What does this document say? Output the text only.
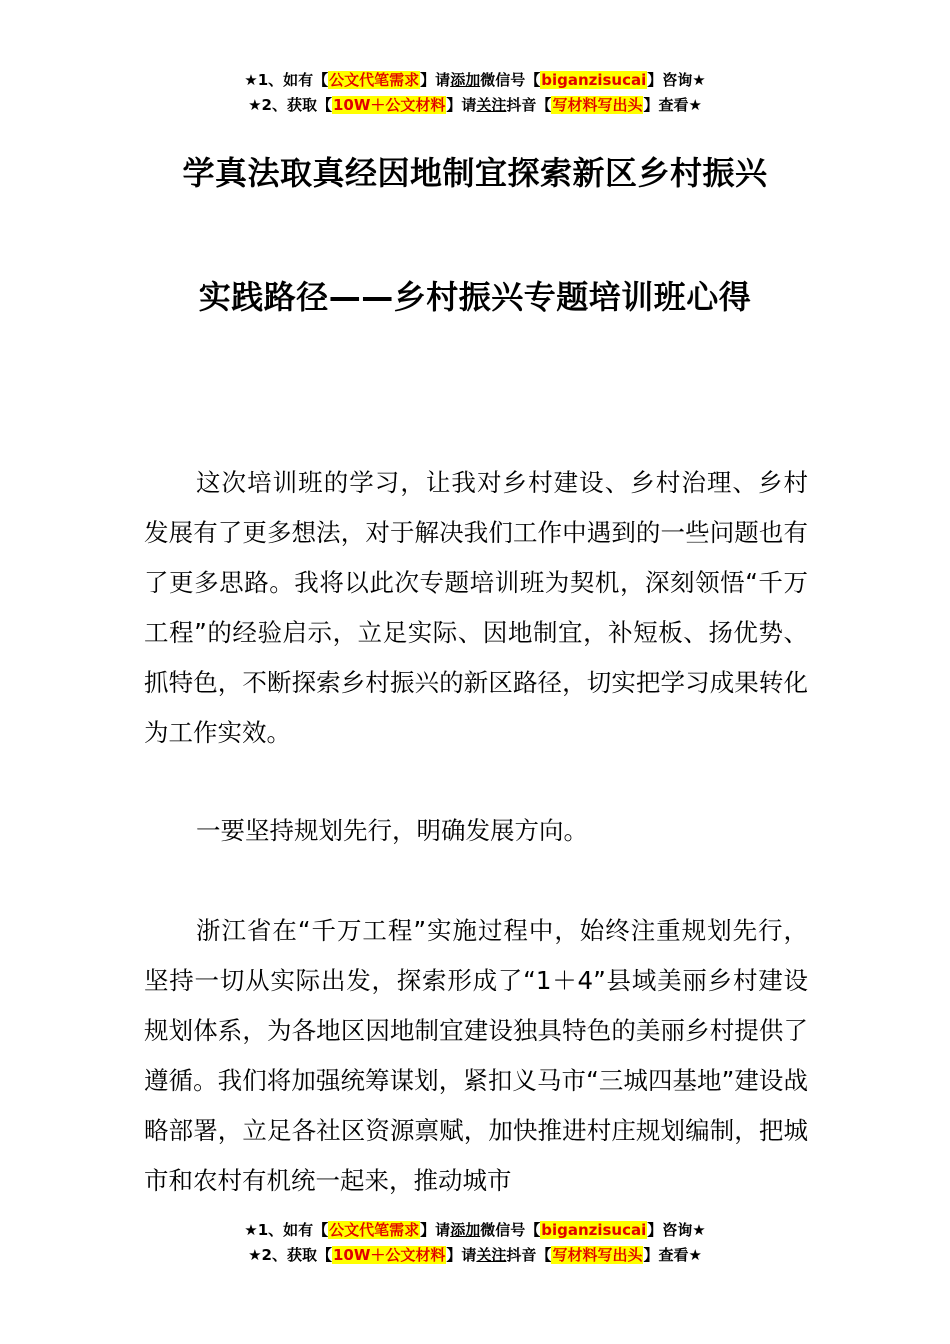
★1、如有【公文代笔需求】请添加微信号【biganzisucai】咨询★
★2、获取【10W＋公文材料】请关注抖音【写材料写出头】查看★
学真法取真经因地制宜探索新区乡村振兴
实践路径——乡村振兴专题培训班心得

这次培训班的学习，让我对乡村建设、乡村治理、乡村发展有了更多想法，对于解决我们工作中遇到的一些问题也有了更多思路。我将以此次专题培训班为契机，深刻领悟“千万工程”的经验启示，立足实际、因地制宜，补短板、扬优势、抓特色，不断探索乡村振兴的新区路径，切实把学习成果转化为工作实效。

一要坚持规划先行，明确发展方向。

浙江省在“千万工程”实施过程中，始终注重规划先行，坚持一切从实际出发，探索形成了“1＋4”县域美丽乡村建设规划体系，为各地区因地制宜建设独具特色的美丽乡村提供了遵循。我们将加强统筹谋划，紧扣义马市“三城四基地”建设战略部署，立足各社区资源禀赋，加快推进村庄规划编制，把城市和农村有机统一起来，推动城市

★1、如有【公文代笔需求】请添加微信号【biganzisucai】咨询★
★2、获取【10W＋公文材料】请关注抖音【写材料写出头】查看★
